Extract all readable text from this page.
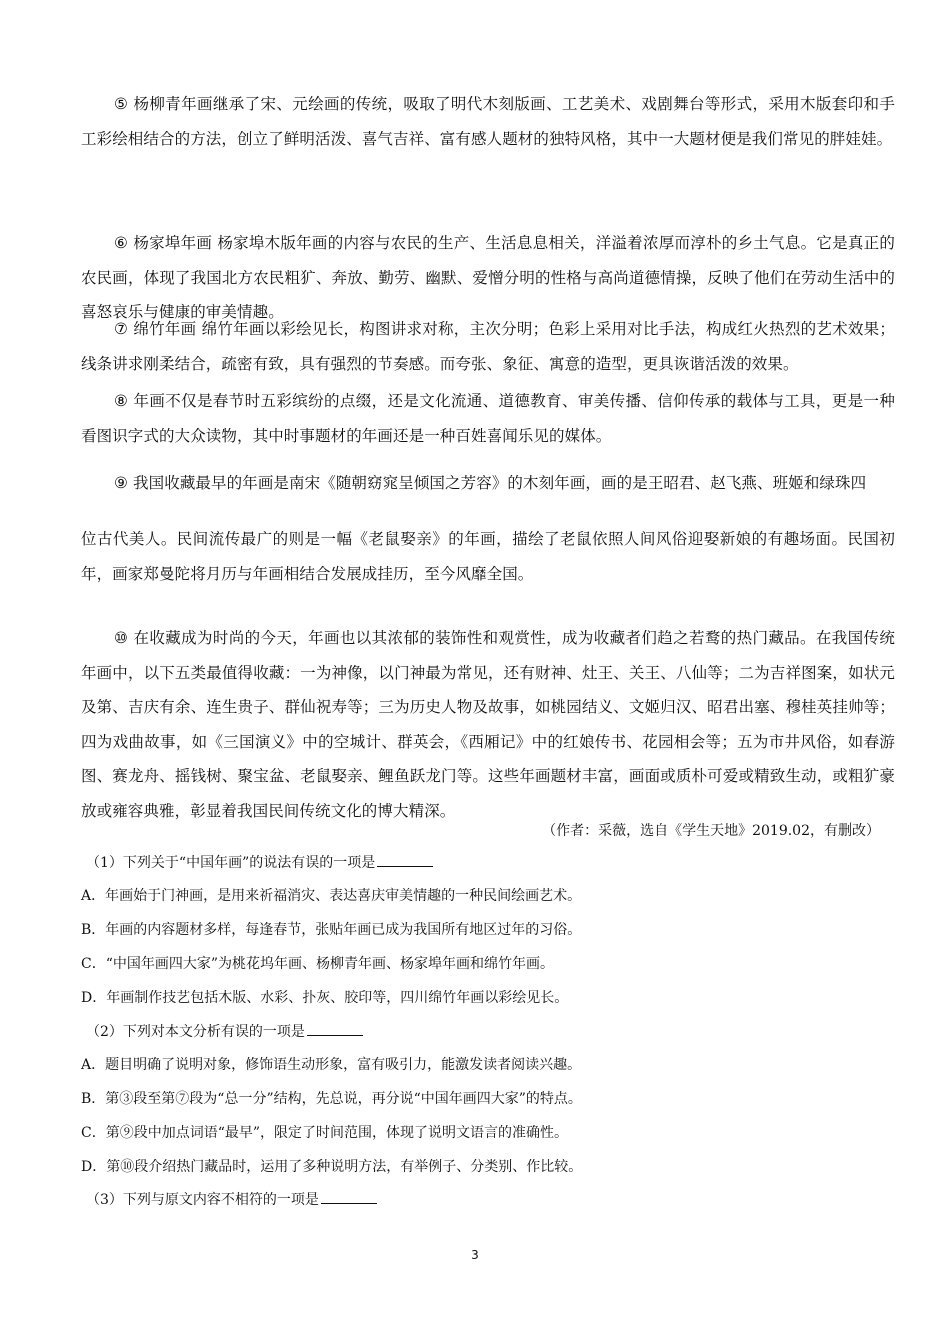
⑤ 杨柳青年画继承了宋、元绘画的传统，吸取了明代木刻版画、工艺美术、戏剧舞台等形式，采用木版套印和手工彩绘相结合的方法，创立了鲜明活泼、喜气吉祥、富有感人题材的独特风格，其中一大题材便是我们常见的胖娃娃。

⑥ 杨家埠年画 杨家埠木版年画的内容与农民的生产、生活息息相关，洋溢着浓厚而淳朴的乡土气息。它是真正的农民画，体现了我国北方农民粗犷、奔放、勤劳、幽默、爱憎分明的性格与高尚道德情操，反映了他们在劳动生活中的喜怒哀乐与健康的审美情趣。

⑦ 绵竹年画 绵竹年画以彩绘见长，构图讲求对称，主次分明；色彩上采用对比手法，构成红火热烈的艺术效果；线条讲求刚柔结合，疏密有致，具有强烈的节奏感。而夸张、象征、寓意的造型，更具诙谐活泼的效果。

⑧ 年画不仅是春节时五彩缤纷的点缀，还是文化流通、道德教育、审美传播、信仰传承的载体与工具，更是一种看图识字式的大众读物，其中时事题材的年画还是一种百姓喜闻乐见的媒体。

⑨ 我国收藏最早的年画是南宋《随朝窈窕呈倾国之芳容》的木刻年画，画的是王昭君、赵飞燕、班姬和绿珠四

位古代美人。民间流传最广的则是一幅《老鼠娶亲》的年画，描绘了老鼠依照人间风俗迎娶新娘的有趣场面。民国初年，画家郑曼陀将月历与年画相结合发展成挂历，至今风靡全国。

⑩ 在收藏成为时尚的今天，年画也以其浓郁的装饰性和观赏性，成为收藏者们趋之若鹜的热门藏品。在我国传统年画中，以下五类最值得收藏：一为神像，以门神最为常见，还有财神、灶王、关王、八仙等；二为吉祥图案，如状元及第、吉庆有余、连生贵子、群仙祝寿等；三为历史人物及故事，如桃园结义、文姬归汉、昭君出塞、穆桂英挂帅等；四为戏曲故事，如《三国演义》中的空城计、群英会，《西厢记》中的红娘传书、花园相会等；五为市井风俗，如春游图、赛龙舟、摇钱树、聚宝盆、老鼠娶亲、鲤鱼跃龙门等。这些年画题材丰富，画面或质朴可爱或精致生动，或粗犷豪放或雍容典雅，彰显着我国民间传统文化的博大精深。

（作者：采薇，选自《学生天地》2019.02，有删改）

（1）下列关于“中国年画”的说法有误的一项是

A．年画始于门神画，是用来祈福消灾、表达喜庆审美情趣的一种民间绘画艺术。

B．年画的内容题材多样，每逢春节，张贴年画已成为我国所有地区过年的习俗。

C．“中国年画四大家”为桃花坞年画、杨柳青年画、杨家埠年画和绵竹年画。

D．年画制作技艺包括木版、水彩、扑灰、胶印等，四川绵竹年画以彩绘见长。

（2）下列对本文分析有误的一项是

A．题目明确了说明对象，修饰语生动形象，富有吸引力，能激发读者阅读兴趣。

B．第③段至第⑦段为“总一分”结构，先总说，再分说“中国年画四大家”的特点。

C．第⑨段中加点词语“最早”，限定了时间范围，体现了说明文语言的准确性。

D．第⑩段介绍热门藏品时，运用了多种说明方法，有举例子、分类别、作比较。

（3）下列与原文内容不相符的一项是

3
